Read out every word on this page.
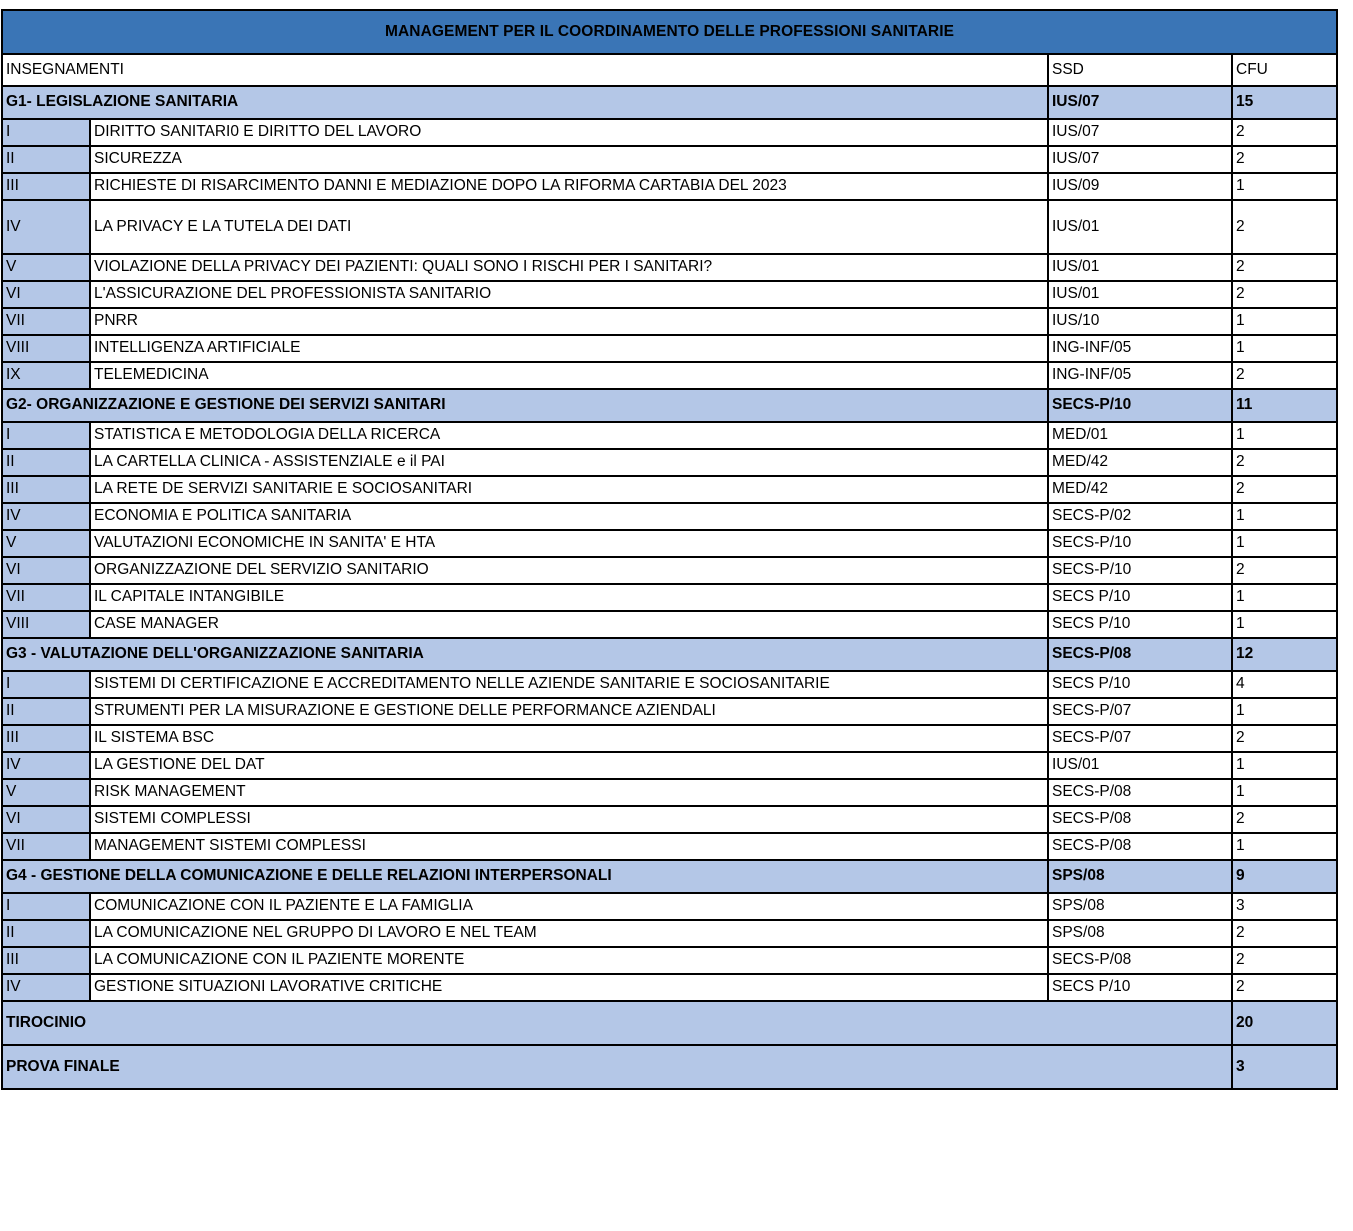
MANAGEMENT PER IL COORDINAMENTO DELLE PROFESSIONI SANITARIE			
INSEGNAMENTI		SSD	CFU
G1- LEGISLAZIONE SANITARIA		IUS/07	15
I	DIRITTO SANITARI0 E DIRITTO DEL LAVORO	IUS/07	2
II	SICUREZZA	IUS/07	2
III	RICHIESTE DI RISARCIMENTO DANNI E MEDIAZIONE DOPO LA RIFORMA CARTABIA DEL 2023	IUS/09	1
IV	LA PRIVACY E LA TUTELA DEI DATI	IUS/01	2
V	VIOLAZIONE DELLA PRIVACY DEI PAZIENTI: QUALI SONO I RISCHI PER I SANITARI?	IUS/01	2
VI	L'ASSICURAZIONE DEL PROFESSIONISTA SANITARIO	IUS/01	2
VII	PNRR	IUS/10	1
VIII	INTELLIGENZA ARTIFICIALE	ING-INF/05	1
IX	TELEMEDICINA	ING-INF/05	2
G2- ORGANIZZAZIONE E GESTIONE DEI SERVIZI SANITARI		SECS-P/10	11
I	STATISTICA E METODOLOGIA DELLA RICERCA	MED/01	1
II	LA CARTELLA CLINICA - ASSISTENZIALE e il PAI	MED/42	2
III	LA RETE DE SERVIZI SANITARIE E SOCIOSANITARI	MED/42	2
IV	ECONOMIA E POLITICA SANITARIA	SECS-P/02	1
V	VALUTAZIONI ECONOMICHE IN SANITA' E HTA	SECS-P/10	1
VI	ORGANIZZAZIONE DEL SERVIZIO SANITARIO	SECS-P/10	2
VII	IL CAPITALE INTANGIBILE	SECS P/10	1
VIII	CASE MANAGER	SECS P/10	1
G3 - VALUTAZIONE DELL'ORGANIZZAZIONE SANITARIA		SECS-P/08	12
I	SISTEMI DI CERTIFICAZIONE E ACCREDITAMENTO NELLE AZIENDE SANITARIE E SOCIOSANITARIE	SECS P/10	4
II	STRUMENTI PER LA MISURAZIONE E GESTIONE DELLE PERFORMANCE AZIENDALI	SECS-P/07	1
III	IL SISTEMA BSC	SECS-P/07	2
IV	LA GESTIONE DEL DAT	IUS/01	1
V	RISK MANAGEMENT	SECS-P/08	1
VI	SISTEMI COMPLESSI	SECS-P/08	2
VII	MANAGEMENT SISTEMI COMPLESSI	SECS-P/08	1
G4 - GESTIONE DELLA COMUNICAZIONE E DELLE RELAZIONI INTERPERSONALI		SPS/08	9
I	COMUNICAZIONE CON IL PAZIENTE E LA FAMIGLIA	SPS/08	3
II	LA COMUNICAZIONE NEL GRUPPO DI LAVORO E NEL TEAM	SPS/08	2
III	LA COMUNICAZIONE CON IL PAZIENTE MORENTE	SECS-P/08	2
IV	GESTIONE SITUAZIONI LAVORATIVE CRITICHE	SECS P/10	2
TIROCINIO			20
PROVA FINALE			3
